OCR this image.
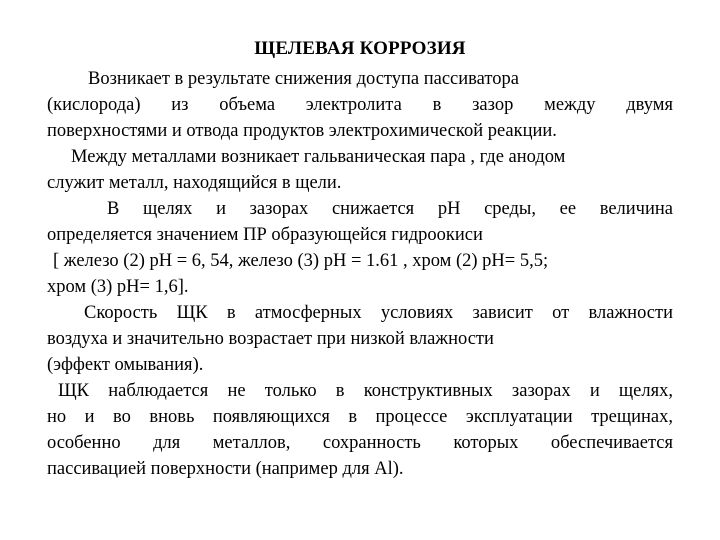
ЩЕЛЕВАЯ КОРРОЗИЯ
Возникает в результате снижения доступа пассиватора
(кислорода) из объема электролита в зазор между двумя
поверхностями и отвода продуктов электрохимической реакции.
Между металлами возникает гальваническая пара , где анодом
служит металл, находящийся в щели.
В щелях и зазорах снижается рН среды, ее величина
определяется значением ПР образующейся гидроокиси
[ железо (2) рН = 6, 54, железо (3) рН = 1.61 , хром (2) рН= 5,5;
хром (3) рН= 1,6].
Скорость ЩК в атмосферных условиях зависит от влажности
воздуха и значительно возрастает при низкой влажности
(эффект омывания).
ЩК наблюдается не только в конструктивных зазорах и щелях,
но и во вновь появляющихся в процессе эксплуатации трещинах,
особенно для металлов, сохранность которых обеспечивается
пассивацией поверхности (например для Al).
